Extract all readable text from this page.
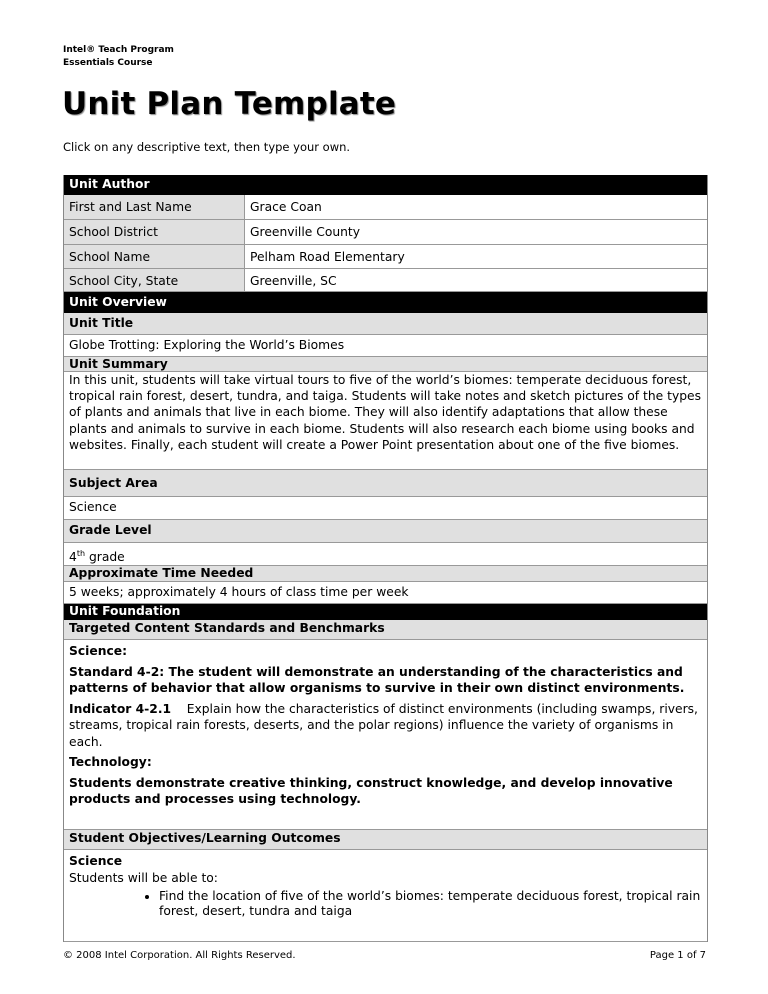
Intel® Teach Program
Essentials Course
Unit Plan Template
Click on any descriptive text, then type your own.
Unit Author
First and Last Name	Grace Coan
School District	Greenville County
School Name	Pelham Road Elementary
School City, State	Greenville, SC
Unit Overview
Unit Title
Globe Trotting: Exploring the World’s Biomes
Unit Summary
In this unit, students will take virtual tours to five of the world’s biomes: temperate deciduous forest, tropical rain forest, desert, tundra, and taiga. Students will take notes and sketch pictures of the types of plants and animals that live in each biome. They will also identify adaptations that allow these plants and animals to survive in each biome. Students will also research each biome using books and websites. Finally, each student will create a Power Point presentation about one of the five biomes.
Subject Area
Science
Grade Level
4th grade
Approximate Time Needed
5 weeks; approximately 4 hours of class time per week
Unit Foundation
Targeted Content Standards and Benchmarks

Science:

Standard 4-2: The student will demonstrate an understanding of the characteristics and patterns of behavior that allow organisms to survive in their own distinct environments.

Indicator 4-2.1 Explain how the characteristics of distinct environments (including swamps, rivers, streams, tropical rain forests, deserts, and the polar regions) influence the variety of organisms in each.

Technology:

Students demonstrate creative thinking, construct knowledge, and develop innovative products and processes using technology.

Student Objectives/Learning Outcomes

Science

Students will be able to:

• Find the location of five of the world’s biomes: temperate deciduous forest, tropical rain forest, desert, tundra and taiga
© 2008 Intel Corporation. All Rights Reserved.	Page 1 of 7
